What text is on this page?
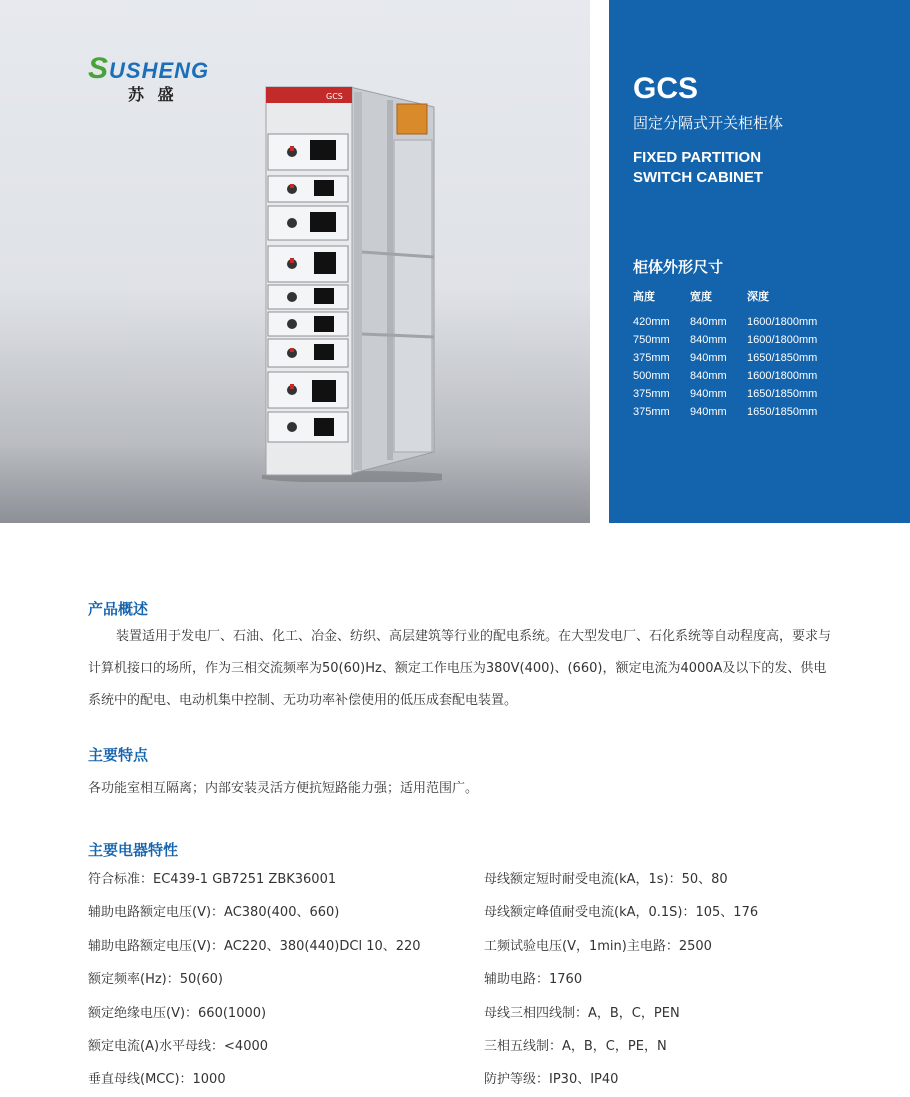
SUSHENG
苏 盛	GCS	GCS
固定分隔式开关柜柜体
FIXED PARTITION
SWITCH CABINET
柜体外形尺寸
高度	宽度	深度

420mm	840mm	1600/1800mm
750mm	840mm	1600/1800mm
375mm	940mm	1650/1850mm
500mm	840mm	1600/1800mm
375mm	940mm	1650/1850mm
375mm	940mm	1650/1850mm
产品概述
装置适用于发电厂、石油、化工、冶金、纺织、高层建筑等行业的配电系统。在大型发电厂、石化系统等自动程度高，要求与计算机接口的场所，作为三相交流频率为50(60)Hz、额定工作电压为380V(400)、(660)，额定电流为4000A及以下的发、供电系统中的配电、电动机集中控制、无功功率补偿使用的低压成套配电装置。
主要特点
各功能室相互隔离；内部安装灵活方便抗短路能力强；适用范围广。
主要电器特性
符合标准：EC439-1 GB7251 ZBK36001
辅助电路额定电压(V)：AC380(400、660)
辅助电路额定电压(V)：AC220、380(440)DCl 10、220
额定频率(Hz)：50(60)
额定绝缘电压(V)：660(1000)
额定电流(A)水平母线：<4000
垂直母线(MCC)：1000
母线额定短时耐受电流(kA，1s)：50、80
母线额定峰值耐受电流(kA，0.1S)：105、176
工频试验电压(V，1min)主电路：2500
辅助电路：1760
母线三相四线制：A，B，C，PEN
三相五线制：A，B，C，PE，N
防护等级：IP30、IP40
